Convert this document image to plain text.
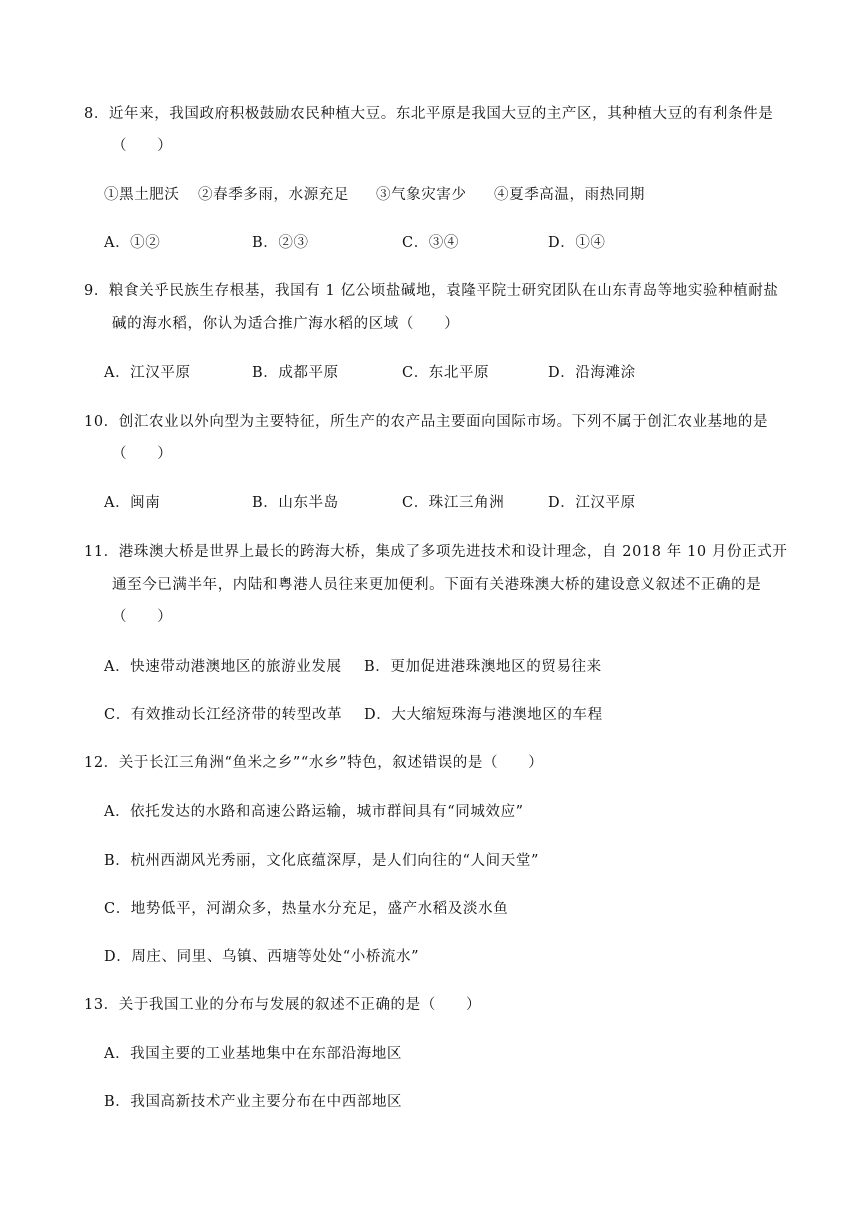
8．近年来，我国政府积极鼓励农民种植大豆。东北平原是我国大豆的主产区，其种植大豆的有利条件是
（　　）
①黑土肥沃 ②春季多雨，水源充足 ③气象灾害少 ④夏季高温，雨热同期
A．①②	B．②③	C．③④	D．①④
9．粮食关乎民族生存根基，我国有 1 亿公顷盐碱地，袁隆平院士研究团队在山东青岛等地实验种植耐盐
碱的海水稻，你认为适合推广海水稻的区域（　　）
A．江汉平原	B．成都平原	C．东北平原	D．沿海滩涂
10．创汇农业以外向型为主要特征，所生产的农产品主要面向国际市场。下列不属于创汇农业基地的是
（　　）
A．闽南	B．山东半岛	C．珠江三角洲	D．江汉平原
11．港珠澳大桥是世界上最长的跨海大桥，集成了多项先进技术和设计理念，自 2018 年 10 月份正式开
通至今已满半年，内陆和粤港人员往来更加便利。下面有关港珠澳大桥的建设意义叙述不正确的是
（　　）
A．快速带动港澳地区的旅游业发展 B．更加促进港珠澳地区的贸易往来
C．有效推动长江经济带的转型改革 D．大大缩短珠海与港澳地区的车程
12．关于长江三角洲“鱼米之乡”“水乡”特色，叙述错误的是（　　）
A．依托发达的水路和高速公路运输，城市群间具有“同城效应”
B．杭州西湖风光秀丽，文化底蕴深厚，是人们向往的“人间天堂”
C．地势低平，河湖众多，热量水分充足，盛产水稻及淡水鱼
D．周庄、同里、乌镇、西塘等处处“小桥流水”
13．关于我国工业的分布与发展的叙述不正确的是（　　）
A．我国主要的工业基地集中在东部沿海地区
B．我国高新技术产业主要分布在中西部地区
